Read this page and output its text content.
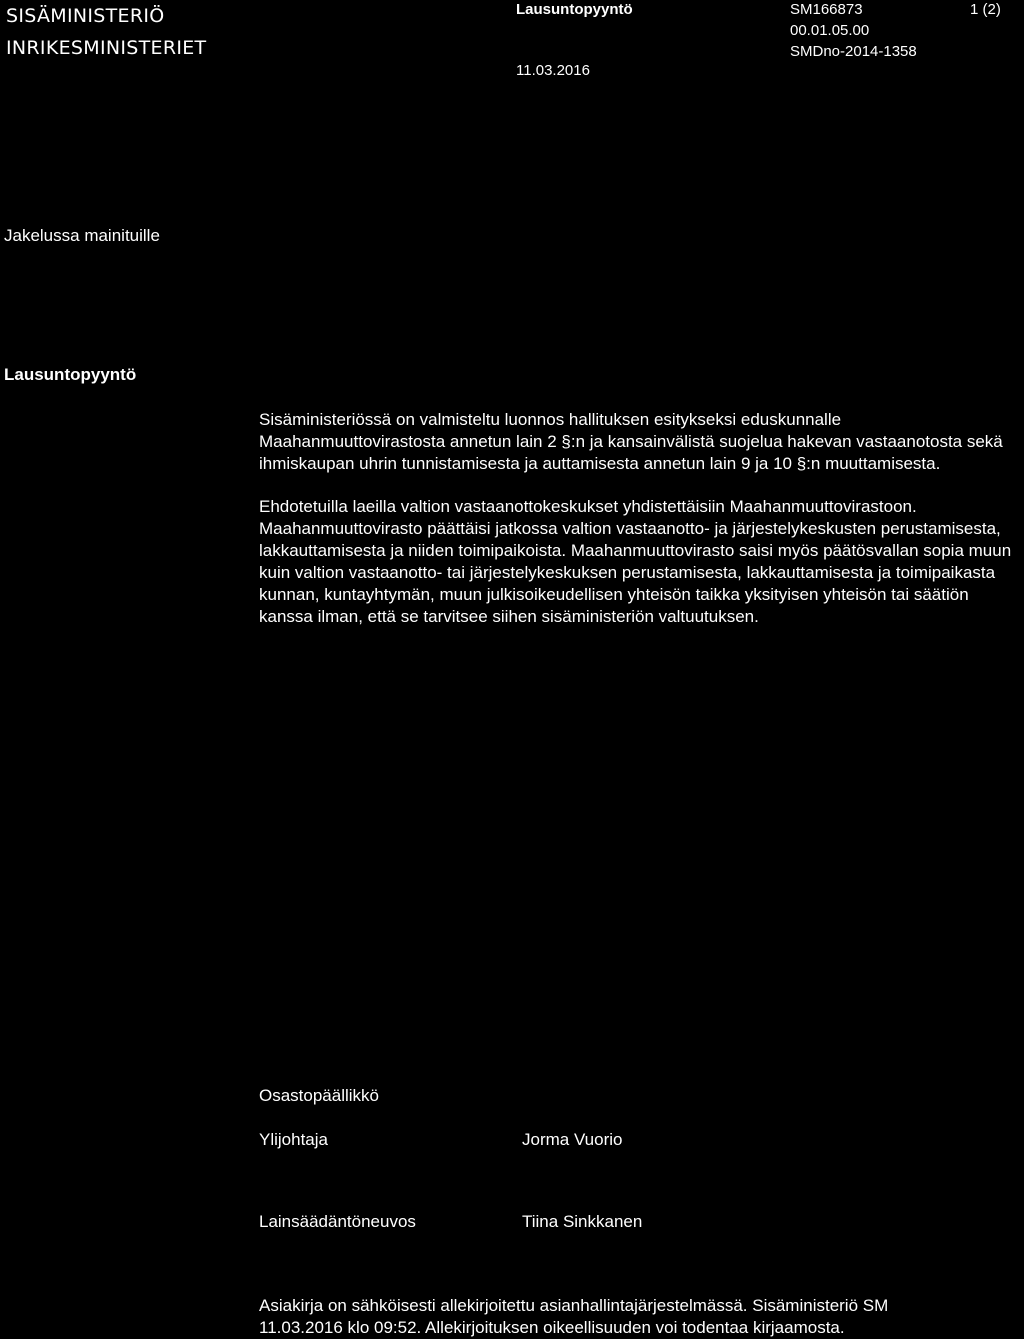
SISÄMINISTERIÖ
INRIKESMINISTERIET
Lausuntopyyntö
11.03.2016
SM166873
00.01.05.00
SMDno-2014-1358
1 (2)
Jakelussa mainituille
Lausuntopyyntö

Sisäministeriössä on valmisteltu luonnos hallituksen esitykseksi eduskunnalle Maahanmuuttovirastosta annetun lain 2 §:n ja kansainvälistä suojelua hakevan vastaanotosta sekä ihmiskaupan uhrin tunnistamisesta ja auttamisesta annetun lain 9 ja 10 §:n muuttamisesta.

Ehdotetuilla laeilla valtion vastaanottokeskukset yhdistettäisiin Maahanmuuttovirastoon. Maahanmuuttovirasto päättäisi jatkossa valtion vastaanotto- ja järjestelykeskusten perustamisesta, lakkauttamisesta ja niiden toimipaikoista. Maahanmuuttovirasto saisi myös päätösvallan sopia muun kuin valtion vastaanotto- tai järjestelykeskuksen perustamisesta, lakkauttamisesta ja toimipaikasta kunnan, kuntayhtymän, muun julkisoikeudellisen yhteisön taikka yksityisen yhteisön tai säätiön kanssa ilman, että se tarvitsee siihen sisäministeriön valtuutuksen.

Osastopäällikkö
Ylijohtaja	Jorma Vuorio
Lainsäädäntöneuvos	Tiina Sinkkanen
Asiakirja on sähköisesti allekirjoitettu asianhallintajärjestelmässä. Sisäministeriö SM
11.03.2016 klo 09:52. Allekirjoituksen oikeellisuuden voi todentaa kirjaamosta.
